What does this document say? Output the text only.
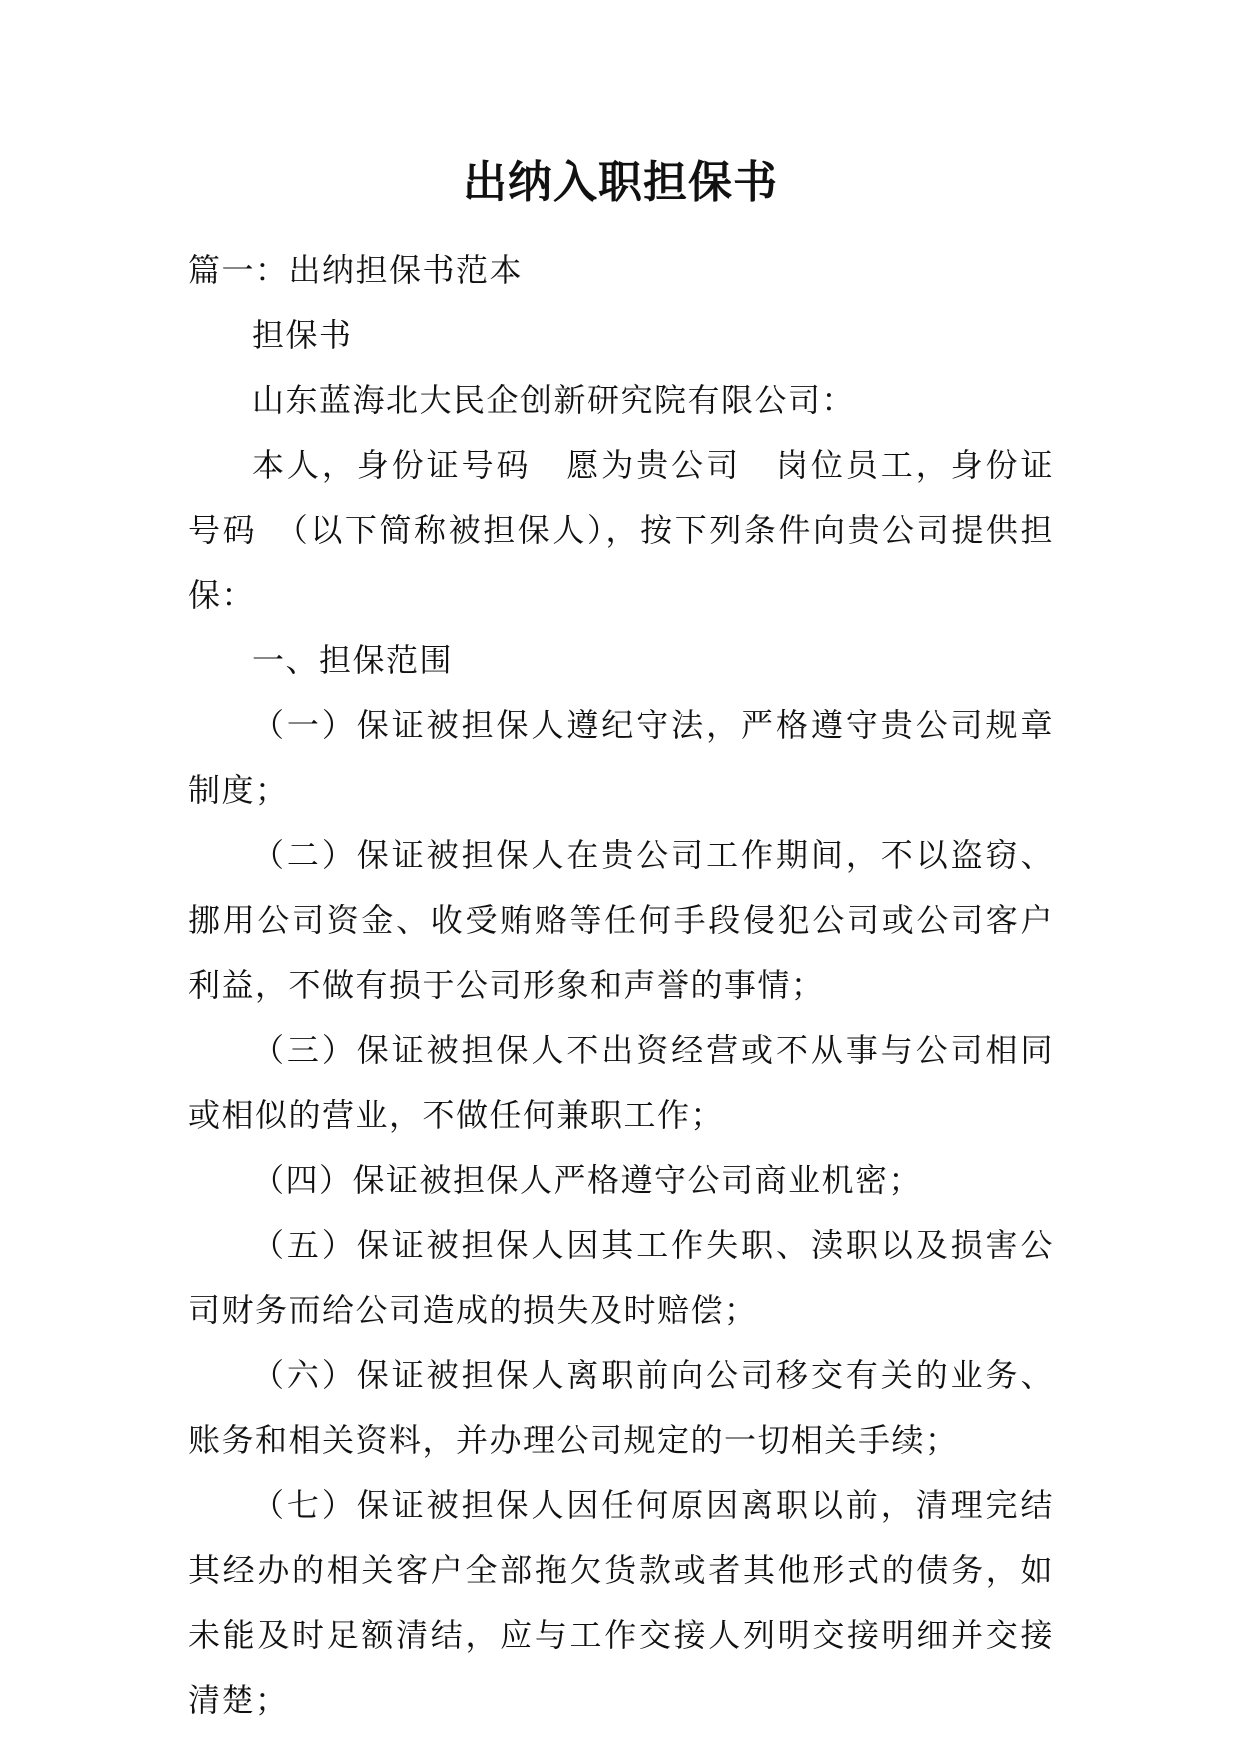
出纳入职担保书

篇一：出纳担保书范本

担保书

山东蓝海北大民企创新研究院有限公司：

本人，身份证号码　愿为贵公司　岗位员工，身份证号码　（以下简称被担保人），按下列条件向贵公司提供担保：

一、担保范围

（一）保证被担保人遵纪守法，严格遵守贵公司规章制度；

（二）保证被担保人在贵公司工作期间，不以盗窃、挪用公司资金、收受贿赂等任何手段侵犯公司或公司客户利益，不做有损于公司形象和声誉的事情；

（三）保证被担保人不出资经营或不从事与公司相同或相似的营业，不做任何兼职工作；

（四）保证被担保人严格遵守公司商业机密；

（五）保证被担保人因其工作失职、渎职以及损害公司财务而给公司造成的损失及时赔偿；

（六）保证被担保人离职前向公司移交有关的业务、账务和相关资料，并办理公司规定的一切相关手续；

（七）保证被担保人因任何原因离职以前，清理完结其经办的相关客户全部拖欠货款或者其他形式的债务，如未能及时足额清结，应与工作交接人列明交接明细并交接清楚；
